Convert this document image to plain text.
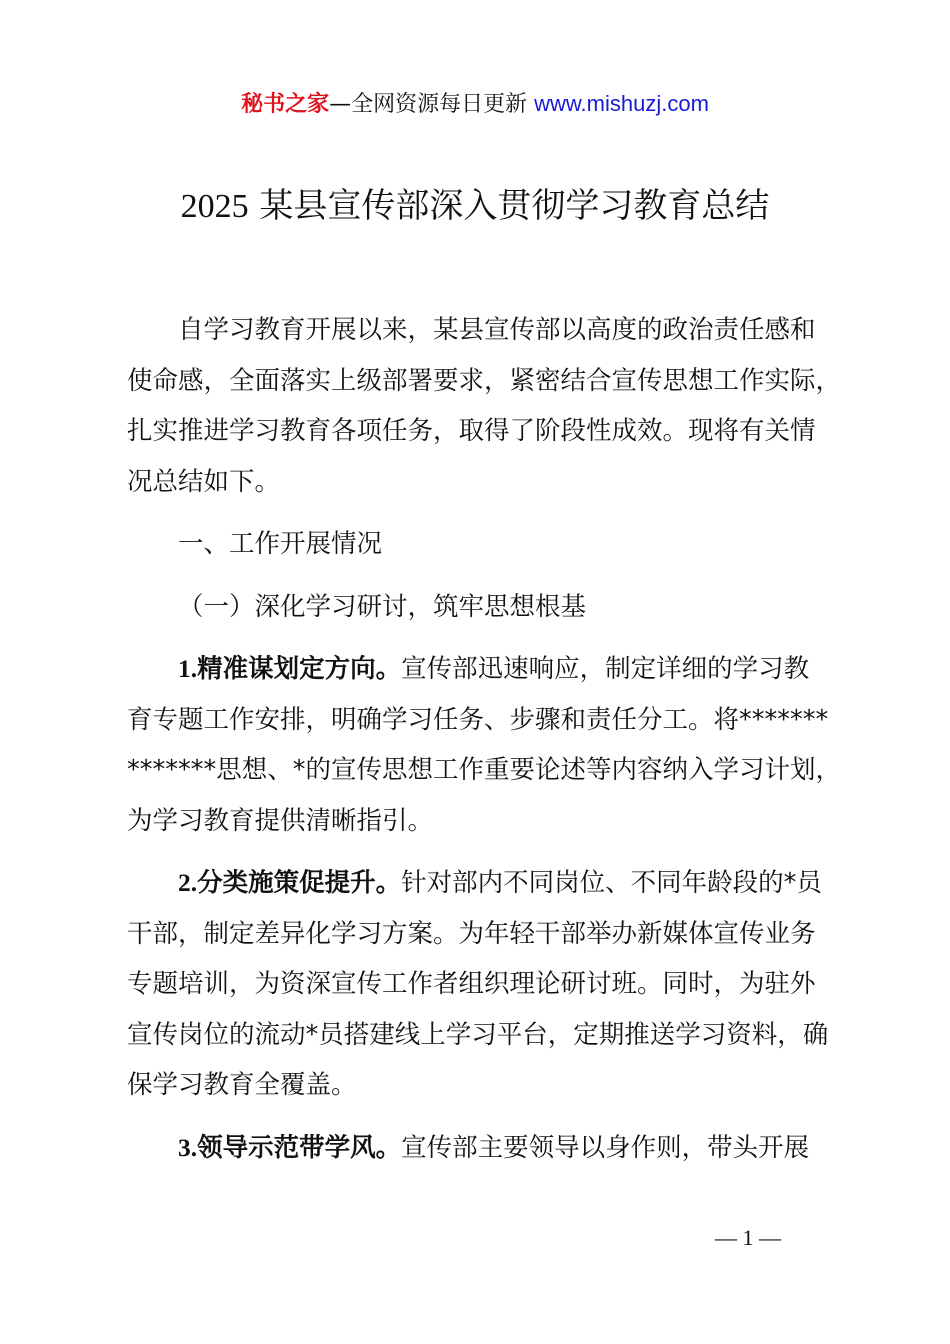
秘书之家—全网资源每日更新 www.mishuzj.com
2025 某县宣传部深入贯彻学习教育总结
自学习教育开展以来，某县宣传部以高度的政治责任感和
使命感，全面落实上级部署要求，紧密结合宣传思想工作实际，
扎实推进学习教育各项任务，取得了阶段性成效。现将有关情
况总结如下。
一、工作开展情况
（一）深化学习研讨，筑牢思想根基
1.精准谋划定方向。宣传部迅速响应，制定详细的学习教
育专题工作安排，明确学习任务、步骤和责任分工。将*******
*******思想、*的宣传思想工作重要论述等内容纳入学习计划，
为学习教育提供清晰指引。
2.分类施策促提升。针对部内不同岗位、不同年龄段的*员
干部，制定差异化学习方案。为年轻干部举办新媒体宣传业务
专题培训，为资深宣传工作者组织理论研讨班。同时，为驻外
宣传岗位的流动*员搭建线上学习平台，定期推送学习资料，确
保学习教育全覆盖。
3.领导示范带学风。宣传部主要领导以身作则，带头开展
— 1 —
